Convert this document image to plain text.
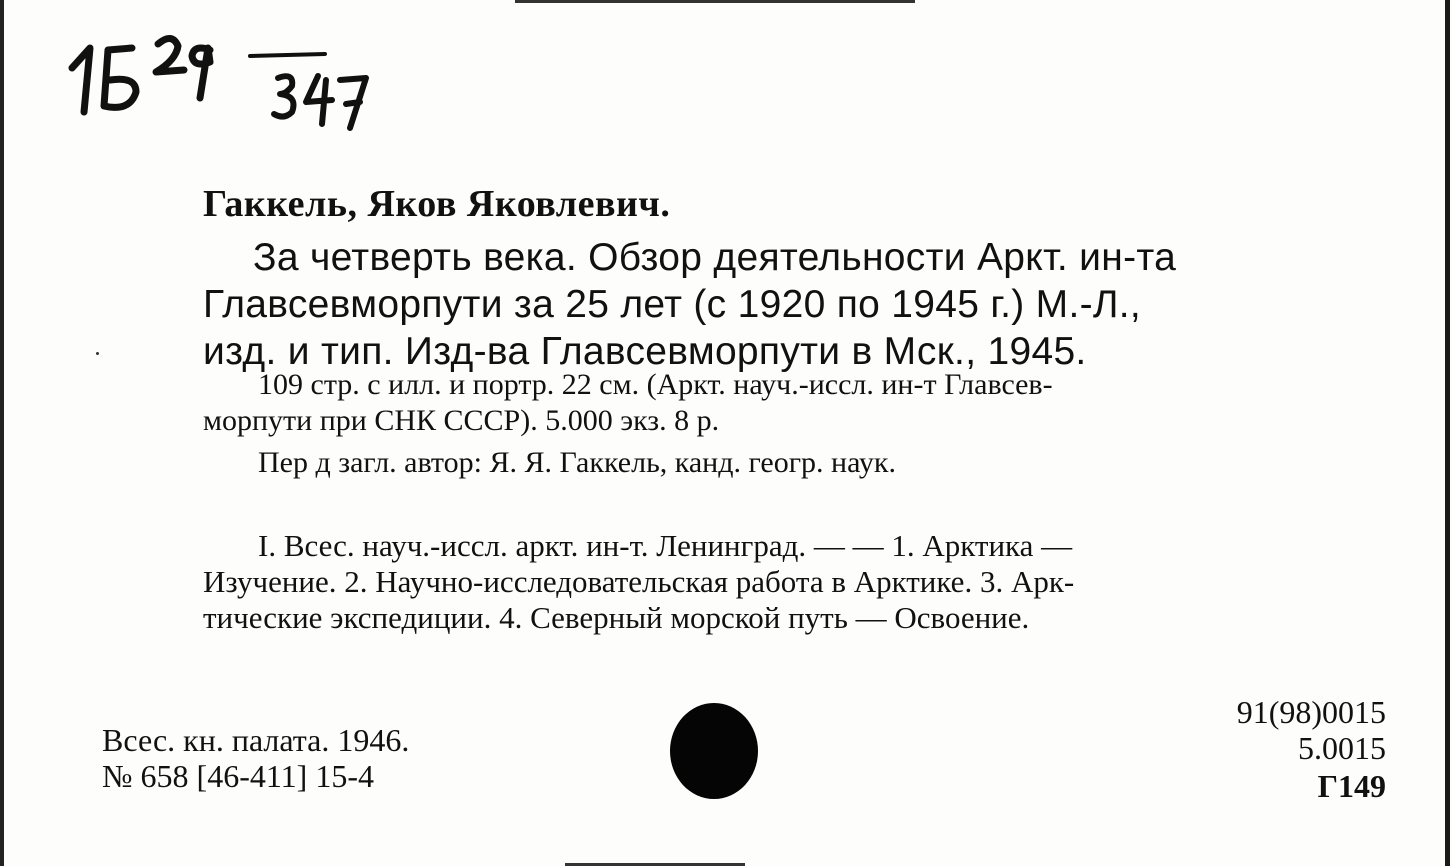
Гаккель, Яков Яковлевич.
За четверть века. Обзор деятельности Аркт. ин-та
Главсевморпути за 25 лет (с 1920 по 1945 г.) М.-Л.,
изд. и тип. Изд-ва Главсевморпути в Мск., 1945.
109 стр. с илл. и портр. 22 см. (Аркт. науч.-иссл. ин-т Главсев-
морпути при СНК СССР). 5.000 экз. 8 р.
Пер д загл. автор: Я. Я. Гаккель, канд. геогр. наук.
I. Всес. науч.-иссл. аркт. ин-т. Ленинград. — — 1. Арктика —
Изучение. 2. Научно-исследовательская работа в Арктике. 3. Арк-
тические экспедиции. 4. Северный морской путь — Освоение.
Всес. кн. палата. 1946.
№ 658 [46-411] 15-4
91(98)0015
5.0015
Г149
